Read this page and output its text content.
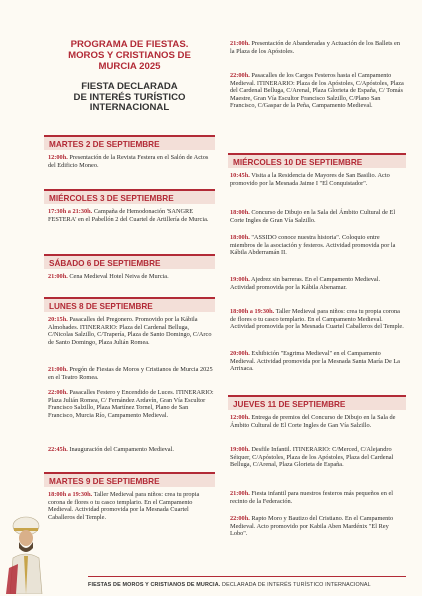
PROGRAMA DE FIESTAS.
MOROS Y CRISTIANOS DE
MURCIA 2025
FIESTA DECLARADA
DE INTERÉS TURÍSTICO
INTERNACIONAL
MARTES 2 DE SEPTIEMBRE
12:00h. Presentación de la Revista Festera en el Salón de Actos del Edificio Moneo.
MIÉRCOLES 3 DE SEPTIEMBRE
17:30h a 21:30h. Campaña de Hemodonación 'SANGRE FESTERA' en el Pabellón 2 del Cuartel de Artillería de Murcia.
SÁBADO 6 DE SEPTIEMBRE
21:00h. Cena Medieval Hotel Neiva de Murcia.
LUNES 8 DE SEPTIEMBRE
20:15h. Pasacalles del Pregonero. Promovido por la Kábila Almohades. ITINERARIO: Plaza del Cardenal Belluga, C/Nicolas Salzillo, C/Trapería, Plaza de Santo Domingo, C/Arco de Santo Domingo, Plaza Julián Romea.
21:00h. Pregón de Fiestas de Moros y Cristianos de Murcia 2025 en el Teatro Romea.
22:00h. Pasacalles Festero y Encendido de Luces. ITINERARIO: Plaza Julián Romea, C/ Fernández Ardavín, Gran Vía Escultor Francisco Salzillo, Plaza Martínez Tornel, Plano de San Francisco, Murcia Río, Campamento Medieval.
22:45h. Inauguración del Campamento Medieval.
MARTES 9 DE SEPTIEMBRE
18:00h a 19:30h. Taller Medieval para niños: crea tu propia corona de flores o tu casco templario. En el Campamento Medieval. Actividad promovida por la Mesnada Cuartel Caballeros del Temple.
21:00h. Presentación de Abanderadas y Actuación de los Ballets en la Plaza de los Apóstoles.
22:00h. Pasacalles de los Cargos Festeros hasta el Campamento Medieval. ITINERARIO: Plaza de los Apóstoles, C/Apóstoles, Plaza del Cardenal Belluga, C/Arenal, Plaza Glorieta de España, C/ Tomás Maestre, Gran Vía Escultor Francisco Salzillo, C/Plano San Francisco, C/Gaspar de la Peña, Campamento Medieval.
MIÉRCOLES 10 DE SEPTIEMBRE
10:45h. Visita a la Residencia de Mayores de San Basilio. Acto promovido por la Mesnada Jaime I "El Conquistador".
18:00h. Concurso de Dibujo en la Sala del Ámbito Cultural de El Corte Ingles de Gran Vía Salzillo.
18:00h. "ASSIDO conoce nuestra historia". Coloquio entre miembros de la asociación y festeros. Actividad promovida por la Kábila Abderramán II.
19:00h. Ajedrez sin barreras. En el Campamento Medieval. Actividad promovida por la Kábila Abenamar.
18:00h a 19:30h. Taller Medieval para niños: crea tu propia corona de flores o tu casco templario. En el Campamento Medieval. Actividad promovida por la Mesnada Cuartel Caballeros del Temple.
20:00h. Exhibición "Esgrima Medieval" en el Campamento Medieval. Actividad promovida por la Mesnada Santa María De La Arrixaca.
JUEVES 11 DE SEPTIEMBRE
12:00h. Entrega de premios del Concurso de Dibujo en la Sala de Ámbito Cultural de El Corte Ingles de Gan Vía Salzillo.
19:00h. Desfile Infantil. ITINERARIO: C/Merced, C/Alejandro Séiquer, C/Apóstoles, Plaza de los Apóstoles, Plaza del Cardenal Belluga, C/Arenal, Plaza Glorieta de España.
21:00h. Fiesta infantil para nuestros festeros más pequeños en el recinto de la Federación.
22:00h. Rapto Moro y Bautizo del Cristiano. En el Campamento Medieval. Acto promovido por Kabila Aben Mardénix "El Rey Lobo".
FIESTAS DE MOROS Y CRISTIANOS DE MURCIA. DECLARADA DE INTERÉS TURÍSTICO INTERNACIONAL
